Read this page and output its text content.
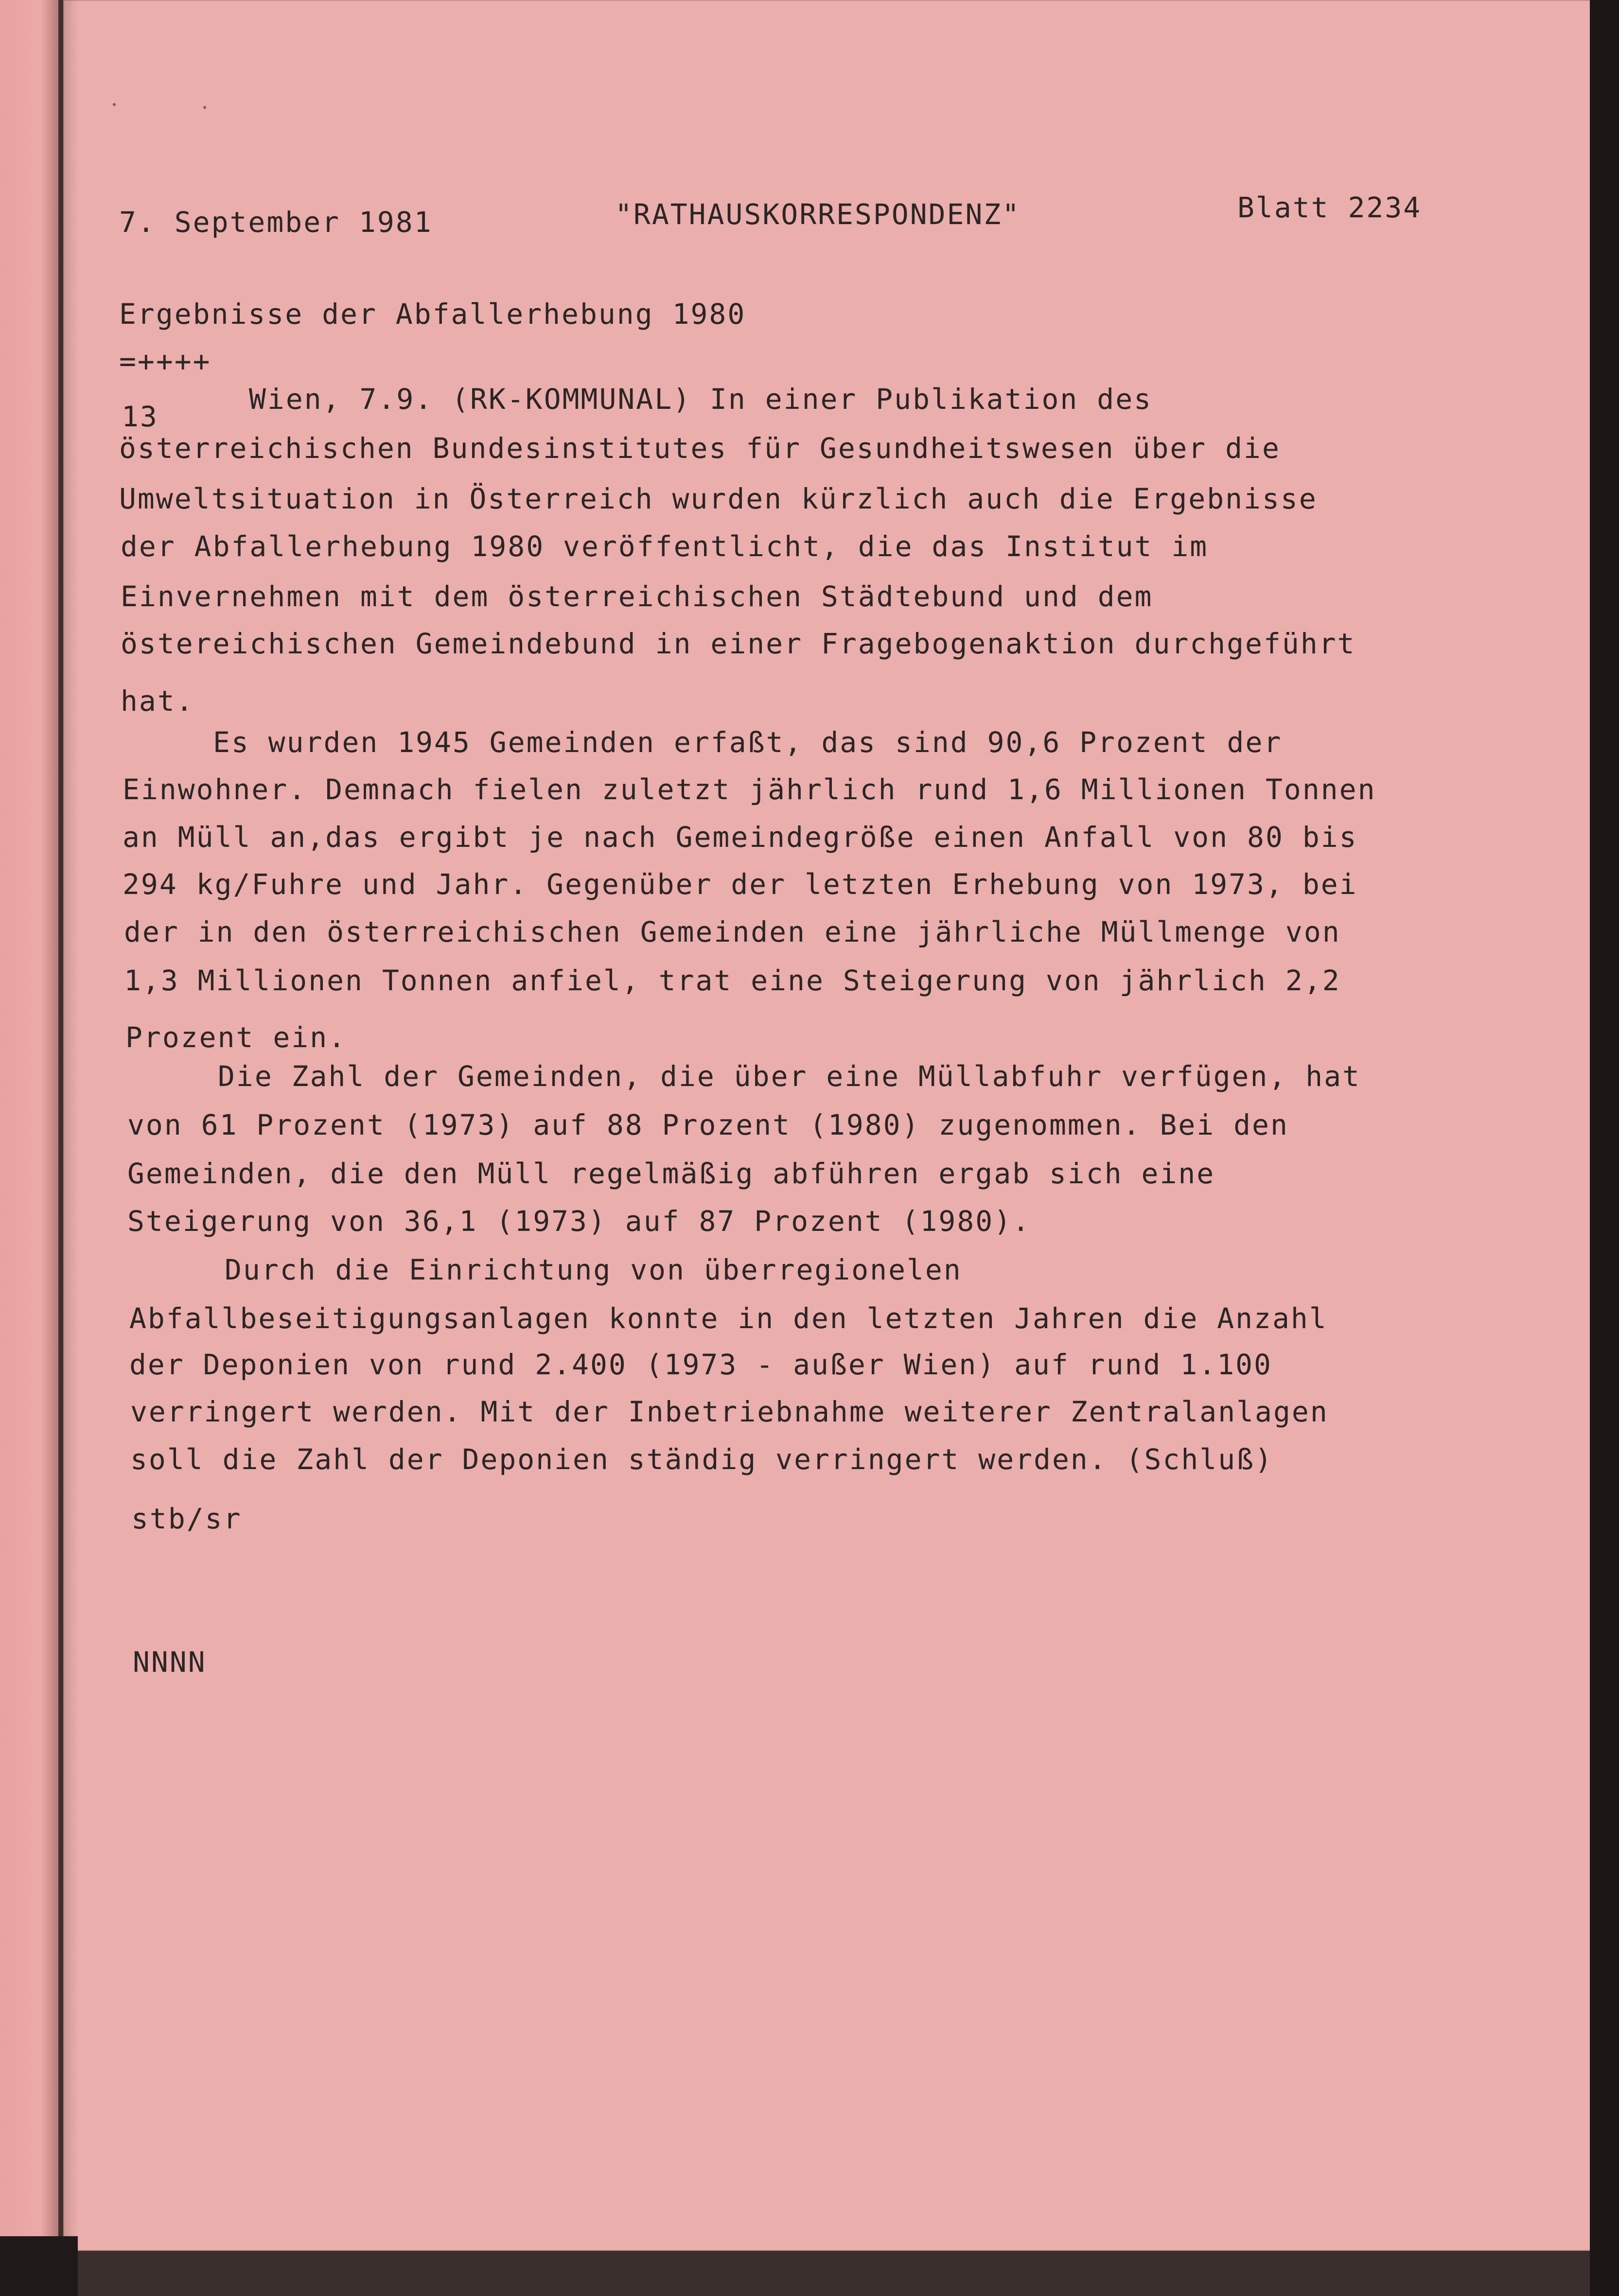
7. September 1981	"RATHAUSKORRESPONDENZ"	Blatt 2234
Ergebnisse der Abfallerhebung 1980
=++++
13
Wien, 7.9. (RK-KOMMUNAL) In einer Publikation des
österreichischen Bundesinstitutes für Gesundheitswesen über die
Umweltsituation in Österreich wurden kürzlich auch die Ergebnisse
der Abfallerhebung 1980 veröffentlicht, die das Institut im
Einvernehmen mit dem österreichischen Städtebund und dem
östereichischen Gemeindebund in einer Fragebogenaktion durchgeführt
hat.
Es wurden 1945 Gemeinden erfaßt, das sind 90,6 Prozent der
Einwohner. Demnach fielen zuletzt jährlich rund 1,6 Millionen Tonnen
an Müll an,das ergibt je nach Gemeindegröße einen Anfall von 80 bis
294 kg/Fuhre und Jahr. Gegenüber der letzten Erhebung von 1973, bei
der in den österreichischen Gemeinden eine jährliche Müllmenge von
1,3 Millionen Tonnen anfiel, trat eine Steigerung von jährlich 2,2
Prozent ein.
Die Zahl der Gemeinden, die über eine Müllabfuhr verfügen, hat
von 61 Prozent (1973) auf 88 Prozent (1980) zugenommen. Bei den
Gemeinden, die den Müll regelmäßig abführen ergab sich eine
Steigerung von 36,1 (1973) auf 87 Prozent (1980).
Durch die Einrichtung von überregionelen
Abfallbeseitigungsanlagen konnte in den letzten Jahren die Anzahl
der Deponien von rund 2.400 (1973 - außer Wien) auf rund 1.100
verringert werden. Mit der Inbetriebnahme weiterer Zentralanlagen
soll die Zahl der Deponien ständig verringert werden. (Schluß)
stb/sr
NNNN
